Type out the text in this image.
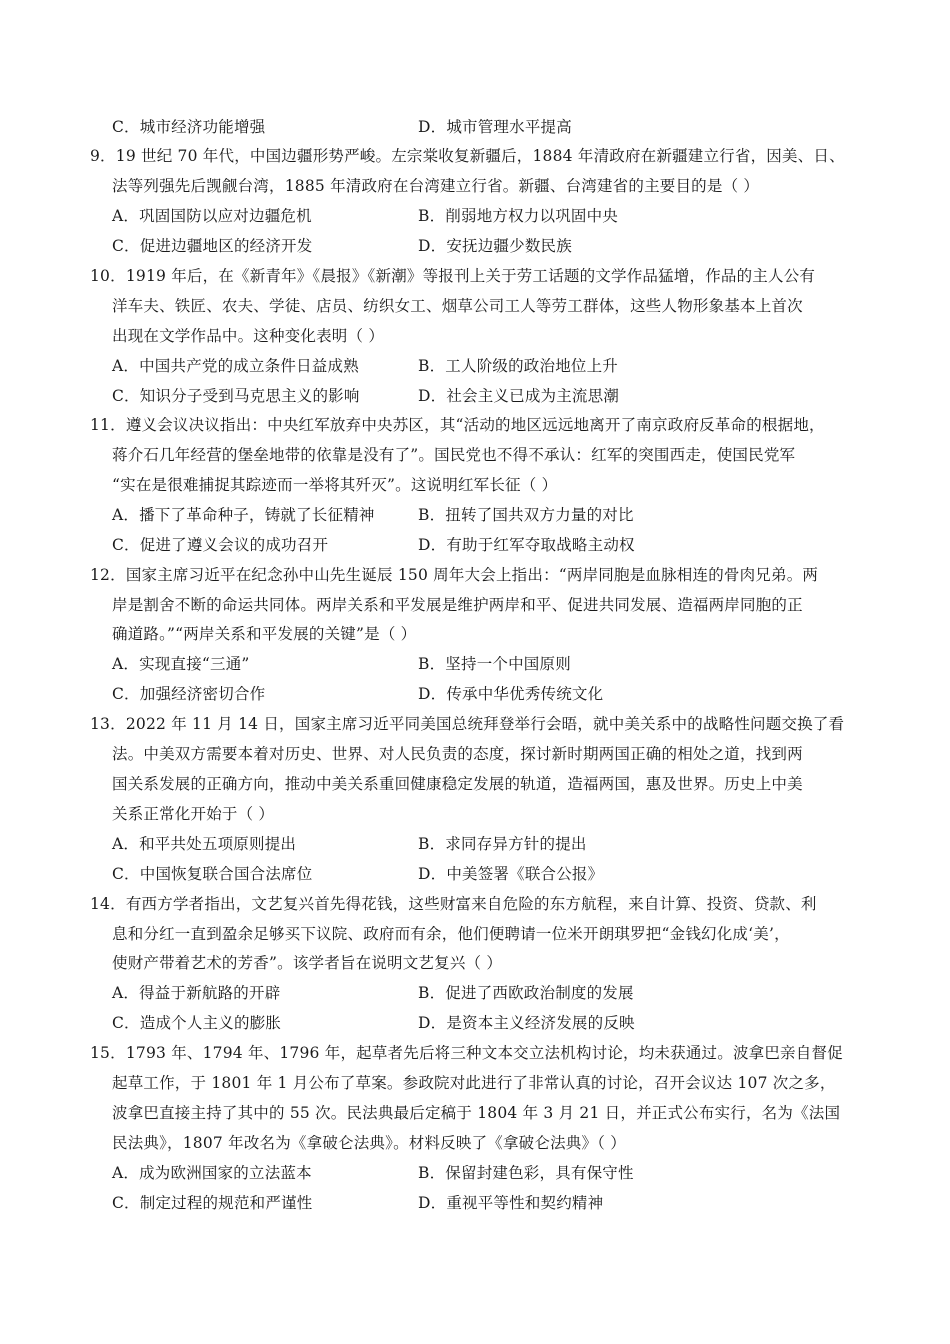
C．城市经济功能增强	D．城市管理水平提高
9．19 世纪 70 年代，中国边疆形势严峻。左宗棠收复新疆后，1884 年清政府在新疆建立行省，因美、日、
法等列强先后觊觎台湾，1885 年清政府在台湾建立行省。新疆、台湾建省的主要目的是（ ）
A．巩固国防以应对边疆危机	B．削弱地方权力以巩固中央
C．促进边疆地区的经济开发	D．安抚边疆少数民族
10．1919 年后，在《新青年》《晨报》《新潮》等报刊上关于劳工话题的文学作品猛增，作品的主人公有
洋车夫、铁匠、农夫、学徒、店员、纺织女工、烟草公司工人等劳工群体，这些人物形象基本上首次
出现在文学作品中。这种变化表明（ ）
A．中国共产党的成立条件日益成熟	B．工人阶级的政治地位上升
C．知识分子受到马克思主义的影响	D．社会主义已成为主流思潮
11．遵义会议决议指出：中央红军放弃中央苏区，其“活动的地区远远地离开了南京政府反革命的根据地，
蒋介石几年经营的堡垒地带的依靠是没有了”。国民党也不得不承认：红军的突围西走，使国民党军
“实在是很难捕捉其踪迹而一举将其歼灭”。这说明红军长征（ ）
A．播下了革命种子，铸就了长征精神	B．扭转了国共双方力量的对比
C．促进了遵义会议的成功召开	D．有助于红军夺取战略主动权
12．国家主席习近平在纪念孙中山先生诞辰 150 周年大会上指出：“两岸同胞是血脉相连的骨肉兄弟。两
岸是割舍不断的命运共同体。两岸关系和平发展是维护两岸和平、促进共同发展、造福两岸同胞的正
确道路。”“两岸关系和平发展的关键”是（ ）
A．实现直接“三通”	B．坚持一个中国原则
C．加强经济密切合作	D．传承中华优秀传统文化
13．2022 年 11 月 14 日，国家主席习近平同美国总统拜登举行会晤，就中美关系中的战略性问题交换了看
法。中美双方需要本着对历史、世界、对人民负责的态度，探讨新时期两国正确的相处之道，找到两
国关系发展的正确方向，推动中美关系重回健康稳定发展的轨道，造福两国，惠及世界。历史上中美
关系正常化开始于（ ）
A．和平共处五项原则提出	B．求同存异方针的提出
C．中国恢复联合国合法席位	D．中美签署《联合公报》
14．有西方学者指出，文艺复兴首先得花钱，这些财富来自危险的东方航程，来自计算、投资、贷款、利
息和分红一直到盈余足够买下议院、政府而有余，他们便聘请一位米开朗琪罗把“金钱幻化成‘美’，
使财产带着艺术的芳香”。该学者旨在说明文艺复兴（ ）
A．得益于新航路的开辟	B．促进了西欧政治制度的发展
C．造成个人主义的膨胀	D．是资本主义经济发展的反映
15．1793 年、1794 年、1796 年，起草者先后将三种文本交立法机构讨论，均未获通过。波拿巴亲自督促
起草工作，于 1801 年 1 月公布了草案。参政院对此进行了非常认真的讨论，召开会议达 107 次之多，
波拿巴直接主持了其中的 55 次。民法典最后定稿于 1804 年 3 月 21 日，并正式公布实行，名为《法国
民法典》，1807 年改名为《拿破仑法典》。材料反映了《拿破仑法典》（ ）
A．成为欧洲国家的立法蓝本	B．保留封建色彩，具有保守性
C．制定过程的规范和严谨性	D．重视平等性和契约精神
